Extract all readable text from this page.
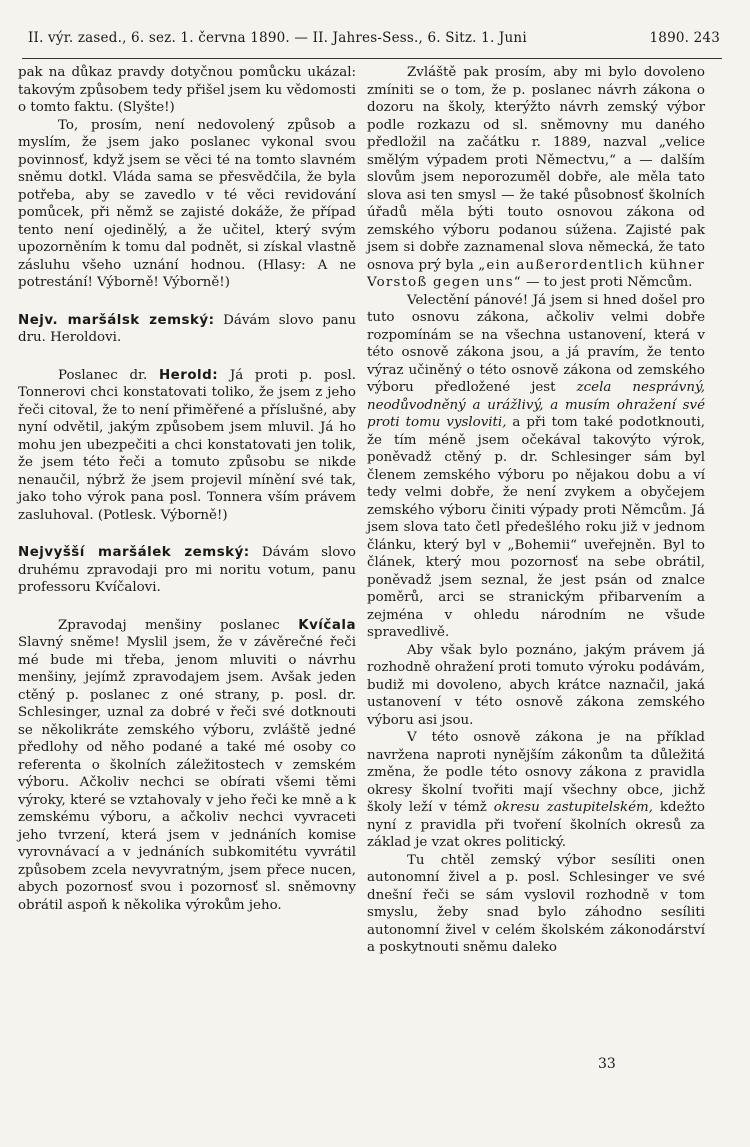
II. výr. zased., 6. sez. 1. června 1890. — II. Jahres-Sess., 6. Sitz. 1. Juni	1890. 243

pak na důkaz pravdy dotyčnou pomůcku ukázal: takovým způsobem tedy přišel jsem ku vědomosti o tomto faktu. (Slyšte!)

To, prosím, není nedovolený způsob a myslím, že jsem jako poslanec vykonal svou povinnosť, když jsem se věci té na tomto slavném sněmu dotkl. Vláda sama se přesvědčila, že byla potřeba, aby se zavedlo v té věci revidování pomůcek, při němž se zajisté dokáže, že případ tento není ojedinělý, a že učitel, který svým upozorněním k tomu dal podnět, si získal vlastně zásluhu všeho uznání hodnou. (Hlasy: A ne potrestání! Výborně! Výborně!)

Nejv. maršálsk zemský: Dávám slovo panu dru. Heroldovi.

Poslanec dr. Herold: Já proti p. posl. Tonnerovi chci konstatovati toliko, že jsem z jeho řeči citoval, že to není přiměřené a příslušné, aby nyní odvětil, jakým způsobem jsem mluvil. Já ho mohu jen ubezpečiti a chci konstatovati jen tolik, že jsem této řeči a tomuto způsobu se nikde nenaučil, nýbrž že jsem projevil mínění své tak, jako toho výrok pana posl. Tonnera vším právem zasluhoval. (Potlesk. Výborně!)

Nejvyšší maršálek zemský: Dávám slovo druhému zpravodaji pro mi noritu votum, panu professoru Kvíčalovi.

Zpravodaj menšiny poslanec Kvíčala Slavný sněme! Myslil jsem, že v závěrečné řeči mé bude mi třeba, jenom mluviti o návrhu menšiny, jejímž zpravodajem jsem. Avšak jeden ctěný p. poslanec z oné strany, p. posl. dr. Schlesinger, uznal za dobré v řeči své dotknouti se několikráte zemského výboru, zvláště jedné předlohy od něho podané a také mé osoby co referenta o školních záležitostech v zemském výboru. Ačkoliv nechci se obírati všemi těmi výroky, které se vztahovaly v jeho řeči ke mně a k zemskému výboru, a ačkoliv nechci vyvraceti jeho tvrzení, která jsem v jednáních komise vyrovnávací a v jednáních subkomitétu vyvrátil způsobem zcela nevyvratným, jsem přece nucen, abych pozornosť svou i pozornosť sl. sněmovny obrátil aspoň k několika výrokům jeho.

Zvláště pak prosím, aby mi bylo dovoleno zmíniti se o tom, že p. poslanec návrh zákona o dozoru na školy, kterýžto návrh zemský výbor podle rozkazu od sl. sněmovny mu daného předložil na začátku r. 1889, nazval „velice smělým výpadem proti Němectvu,“ a — dalším slovům jsem neporozuměl dobře, ale měla tato slova asi ten smysl — že také působnosť školních úřadů měla býti touto osnovou zákona od zemského výboru podanou súžena. Zajisté pak jsem si dobře zaznamenal slova německá, že tato osnova prý byla „ein außerordentlich kühner Vorstoß gegen uns“ — to jest proti Němcům.

Velectění pánové! Já jsem si hned došel pro tuto osnovu zákona, ačkoliv velmi dobře rozpomínám se na všechna ustanovení, která v této osnově zákona jsou, a já pravím, že tento výraz učiněný o této osnově zákona od zemského výboru předložené jest zcela nesprávný, neodůvodněný a urážlivý, a musím ohražení své proti tomu vysloviti, a při tom také podotknouti, že tím méně jsem očekával takovýto výrok, poněvadž ctěný p. dr. Schlesinger sám byl členem zemského výboru po nějakou dobu a ví tedy velmi dobře, že není zvykem a obyčejem zemského výboru činiti výpady proti Němcům. Já jsem slova tato četl předešlého roku již v jednom článku, který byl v „Bohemii“ uveřejněn. Byl to článek, který mou pozornosť na sebe obrátil, poněvadž jsem seznal, že jest psán od znalce poměrů, arci se stranickým přibarvením a zejména v ohledu národním ne všude spravedlivě.

Aby však bylo poznáno, jakým právem já rozhodně ohražení proti tomuto výroku podávám, budiž mi dovoleno, abych krátce naznačil, jaká ustanovení v této osnově zákona zemského výboru asi jsou.

V této osnově zákona je na příklad navržena naproti nynějším zákonům ta důležitá změna, že podle této osnovy zákona z pravidla okresy školní tvořiti mají všechny obce, jichž školy leží v témž okresu zastupitelském, kdežto nyní z pravidla při tvoření školních okresů za základ je vzat okres politický.

Tu chtěl zemský výbor sesíliti onen autonomní živel a p. posl. Schlesinger ve své dnešní řeči se sám vyslovil rozhodně v tom smyslu, žeby snad bylo záhodno sesíliti autonomní živel v celém školském zákonodárství a poskytnouti sněmu daleko

33
